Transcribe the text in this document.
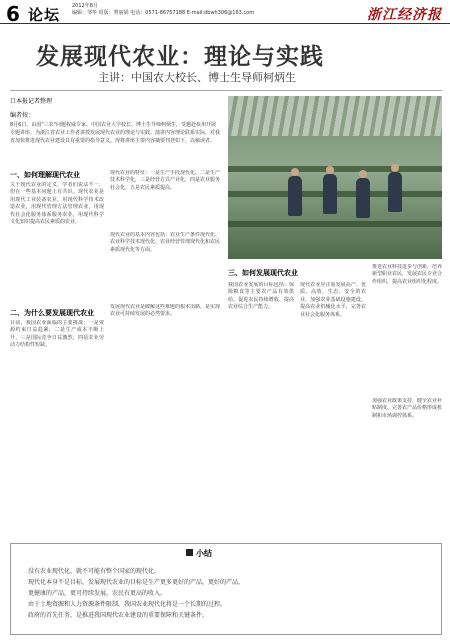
6 论坛 2012年8月
编辑：邹华 组版：曹丽娟 电话：0571-86757188 E-mail:dbwh306@163.com	浙江经济报
发展现代农业：理论与实践
主讲：中国农大校长、博士生导师柯炳生
口本报记者整理
编者按：
8月6日，由国"三农"问题权威专家、中国农业大学校长、博士生导师柯炳生，受邀赴杭州开展专题讲座，为浙江省农业工作者讲授发展现代农业的理论与实践。演讲内容理论联系实际，对我省加快推进现代农业建设具有重要的指导意义。现将讲座主要内容摘要刊登如下，以飨读者。
一、如何理解现代农业
关于现代农业的定义，学者们说法不一，但在一些基本问题上有共识。现代农业是用现代工业装备农业，用现代科学技术改造农业，用现代管理方法管理农业，用现代社会化服务体系服务农业，用现代科学文化知识提高农民素质的农业。
现代农业的特征：一是生产手段现代化，二是生产技术科学化，三是经营方式产业化，四是农业服务社会化，五是农民素质提高。
现代农业的基本内容包括：农业生产条件现代化、农业科学技术现代化、农业经营管理现代化和农民素质现代化等方面。
二、为什么要发展现代农业
目前，我国农业面临的主要挑战：一是资源约束日益趋紧，二是生产成本不断上升，三是国际竞争日益激烈，四是农业劳动力结构性短缺。
发展现代农业是破解这些难题的根本出路，是实现农业可持续发展的必然要求。
三、如何发展现代农业
我国农业发展的目标包括：保障粮食等主要农产品有效供给、促进农民持续增收、提高农业综合生产能力。
现代农业应注重发展高产、优质、高效、生态、安全的农业，加强农业基础设施建设，提高农业机械化水平，完善农业社会化服务体系。
推进农业科技进步与创新，培养新型职业农民，发展农民专业合作组织，提高农业组织化程度。
加强农业政策支持，健全农业补贴制度，完善农产品价格形成机制和市场调控体系。
小结
没有农业现代化，就不可能有整个国家的现代化。
现代化本身不是目标，发展现代农业的目标是生产更多更好的产品，更好的产品，
更健康的产品，更可持续发展，农民有更高的收入。
由于土地资源和人力资源条件限制，我国农业现代化将是一个长期的过程。
政府的首先任务，是推进我国现代农业建设的重要保障和关键条件。
